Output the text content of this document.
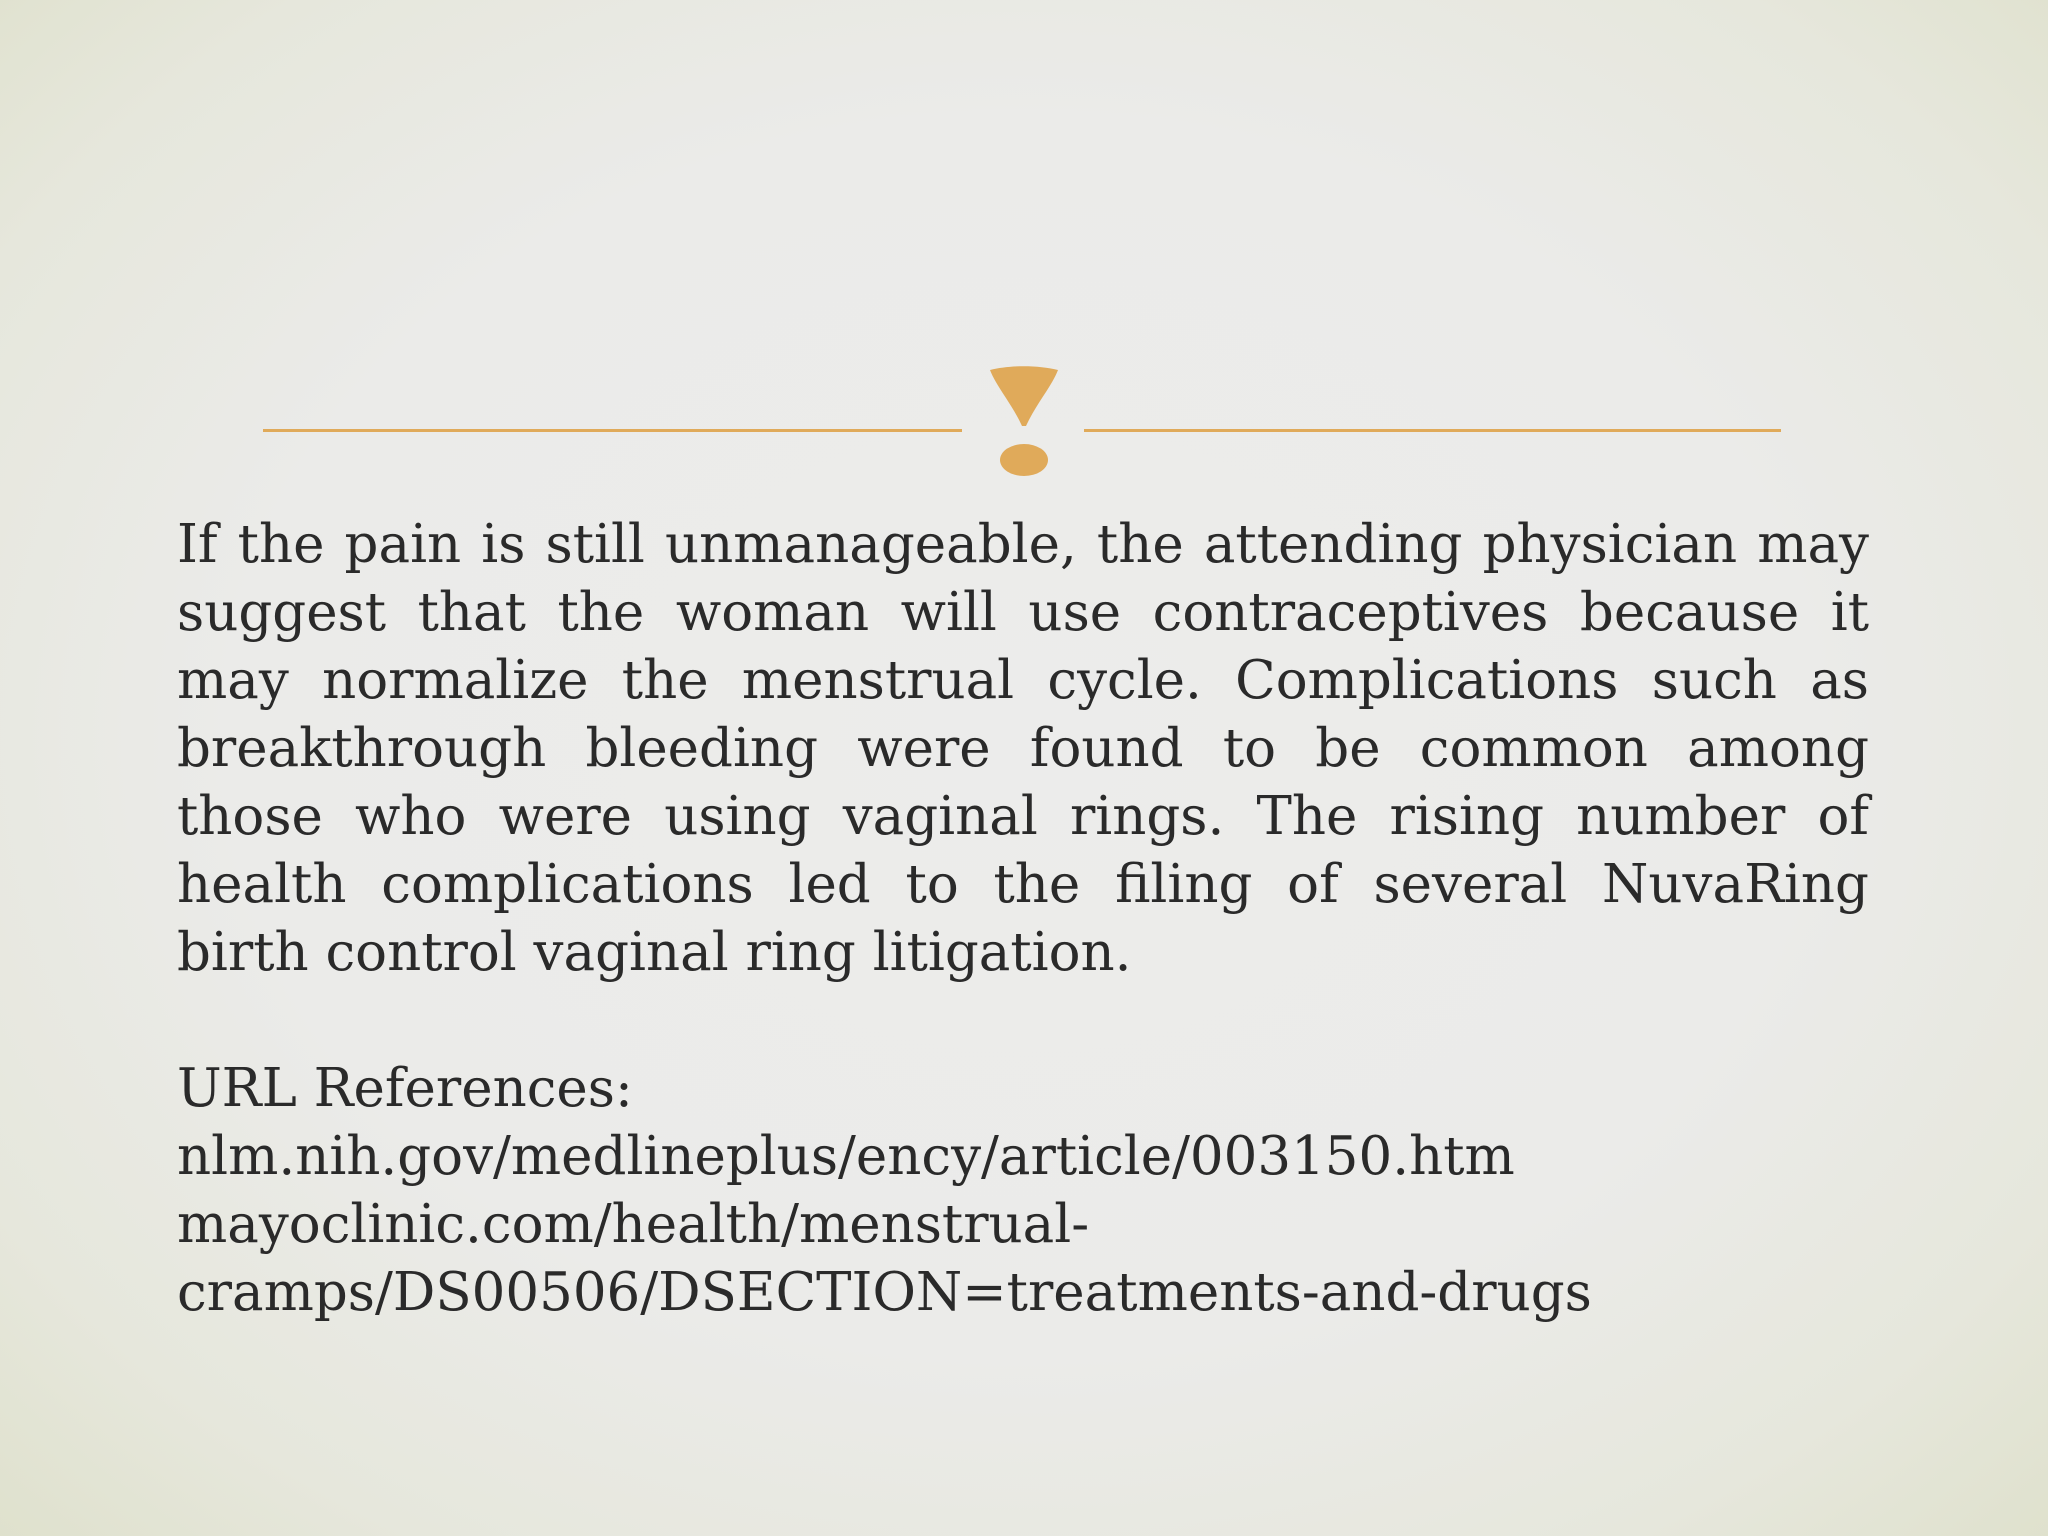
If the pain is still unmanageable, the attending physician may suggest that the woman will use contraceptives because it may normalize the menstrual cycle. Complications such as breakthrough bleeding were found to be common among those who were using vaginal rings. The rising number of health complications led to the filing of several NuvaRing birth control vaginal ring litigation.

URL References:
nlm.nih.gov/medlineplus/ency/article/003150.htm
mayoclinic.com/health/menstrual-
cramps/DS00506/DSECTION=treatments-and-drugs
